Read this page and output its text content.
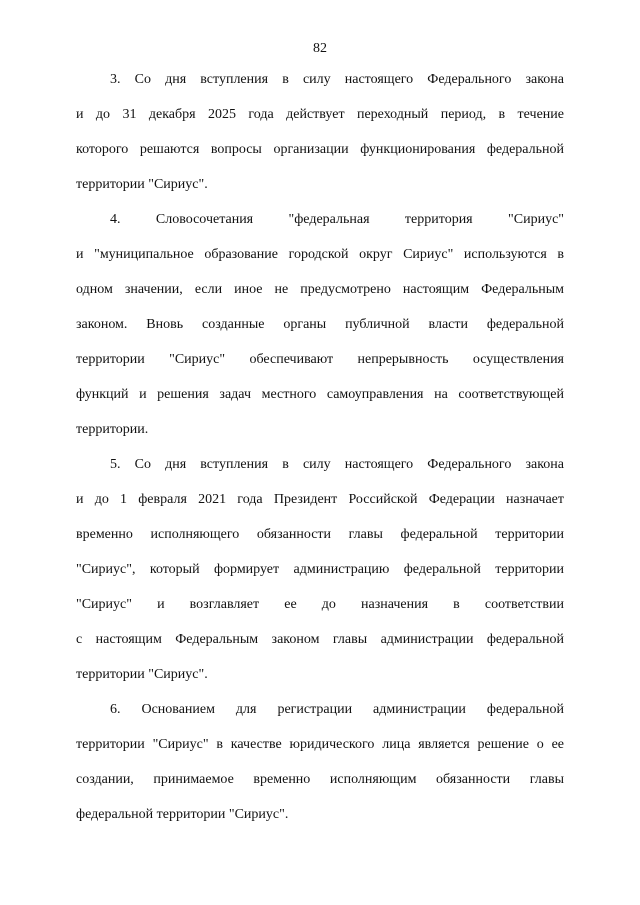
82
3. Со дня вступления в силу настоящего Федерального закона
и до 31 декабря 2025 года действует переходный период, в течение
которого решаются вопросы организации функционирования федеральной
территории "Сириус".
4. Словосочетания "федеральная территория "Сириус"
и "муниципальное образование городской округ Сириус" используются в
одном значении, если иное не предусмотрено настоящим Федеральным
законом. Вновь созданные органы публичной власти федеральной
территории "Сириус" обеспечивают непрерывность осуществления
функций и решения задач местного самоуправления на соответствующей
территории.
5. Со дня вступления в силу настоящего Федерального закона
и до 1 февраля 2021 года Президент Российской Федерации назначает
временно исполняющего обязанности главы федеральной территории
"Сириус", который формирует администрацию федеральной территории
"Сириус" и возглавляет ее до назначения в соответствии
с настоящим Федеральным законом главы администрации федеральной
территории "Сириус".
6. Основанием для регистрации администрации федеральной
территории "Сириус" в качестве юридического лица является решение о ее
создании, принимаемое временно исполняющим обязанности главы
федеральной территории "Сириус".
